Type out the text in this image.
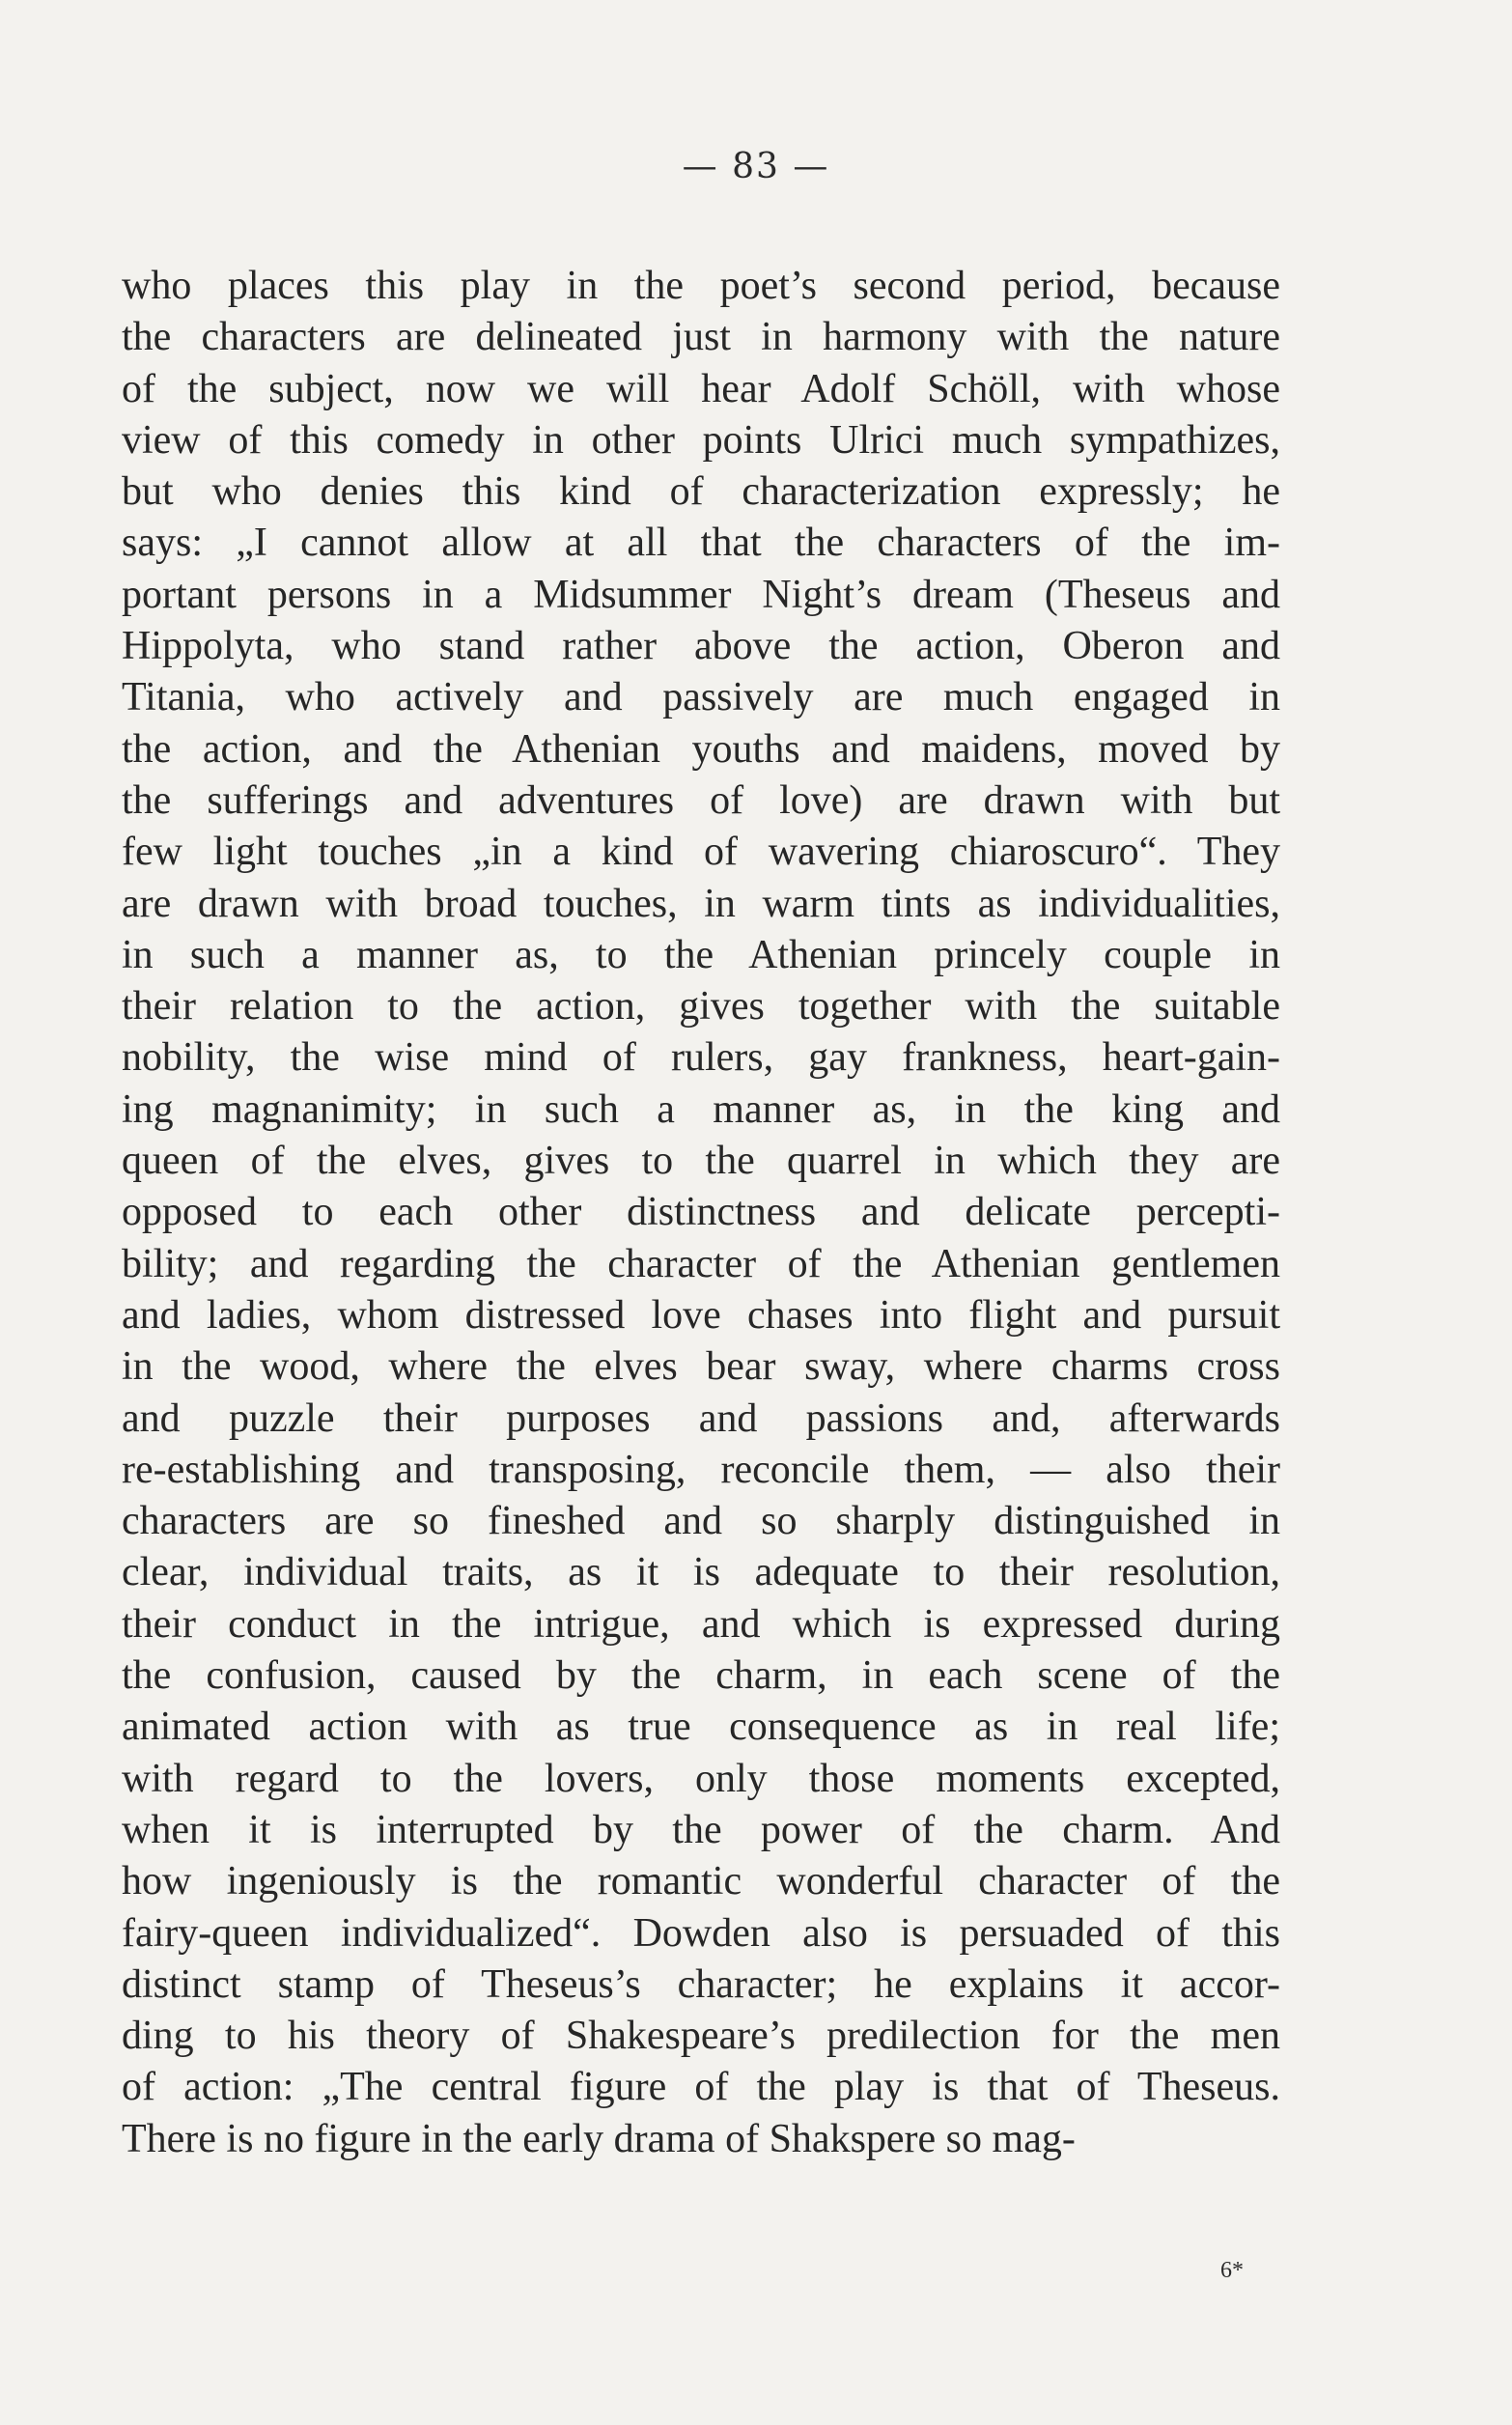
— 83 —
who places this play in the poet’s second period, because
the characters are delineated just in harmony with the nature
of the subject, now we will hear Adolf Schöll, with whose
view of this comedy in other points Ulrici much sympathizes,
but who denies this kind of characterization expressly; he
says: „I cannot allow at all that the characters of the im-
portant persons in a Midsummer Night’s dream (Theseus and
Hippolyta, who stand rather above the action, Oberon and
Titania, who actively and passively are much engaged in
the action, and the Athenian youths and maidens, moved by
the sufferings and adventures of love) are drawn with but
few light touches „in a kind of wavering chiaroscuro“. They
are drawn with broad touches, in warm tints as individualities,
in such a manner as, to the Athenian princely couple in
their relation to the action, gives together with the suitable
nobility, the wise mind of rulers, gay frankness, heart-gain-
ing magnanimity; in such a manner as, in the king and
queen of the elves, gives to the quarrel in which they are
opposed to each other distinctness and delicate percepti-
bility; and regarding the character of the Athenian gentlemen
and ladies, whom distressed love chases into flight and pursuit
in the wood, where the elves bear sway, where charms cross
and puzzle their purposes and passions and, afterwards
re-establishing and transposing, reconcile them, — also their
characters are so fineshed and so sharply distinguished in
clear, individual traits, as it is adequate to their resolution,
their conduct in the intrigue, and which is expressed during
the confusion, caused by the charm, in each scene of the
animated action with as true consequence as in real life;
with regard to the lovers, only those moments excepted,
when it is interrupted by the power of the charm. And
how ingeniously is the romantic wonderful character of the
fairy-queen individualized“. Dowden also is persuaded of this
distinct stamp of Theseus’s character; he explains it accor-
ding to his theory of Shakespeare’s predilection for the men
of action: „The central figure of the play is that of Theseus.
There is no figure in the early drama of Shakspere so mag-
6*
